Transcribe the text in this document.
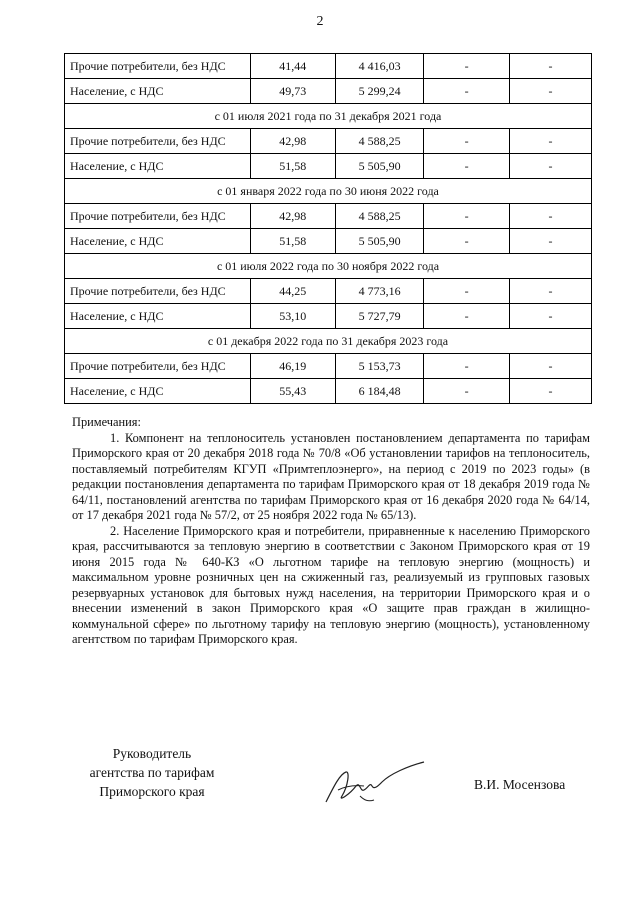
2
Прочие потребители, без НДС	41,44	4 416,03	-	-
Население, с НДС	49,73	5 299,24	-	-
с 01 июля 2021 года по 31 декабря 2021 года				
Прочие потребители, без НДС	42,98	4 588,25	-	-
Население, с НДС	51,58	5 505,90	-	-
с 01 января 2022 года по 30 июня 2022 года				
Прочие потребители, без НДС	42,98	4 588,25	-	-
Население, с НДС	51,58	5 505,90	-	-
с 01 июля 2022 года по 30 ноября 2022 года				
Прочие потребители, без НДС	44,25	4 773,16	-	-
Население, с НДС	53,10	5 727,79	-	-
с 01 декабря 2022 года по 31 декабря 2023 года				
Прочие потребители, без НДС	46,19	5 153,73	-	-
Население, с НДС	55,43	6 184,48	-	-

Примечания:

1. Компонент на теплоноситель установлен постановлением департамента по тарифам Приморского края от 20 декабря 2018 года № 70/8 «Об установлении тарифов на теплоноситель, поставляемый потребителям КГУП «Примтеплоэнерго», на период с 2019 по 2023 годы» (в редакции постановления департамента по тарифам Приморского края от 18 декабря 2019 года № 64/11, постановлений агентства по тарифам Приморского края от 16 декабря 2020 года № 64/14, от 17 декабря 2021 года № 57/2, от 25 ноября 2022 года № 65/13).

2. Население Приморского края и потребители, приравненные к населению Приморского края, рассчитываются за тепловую энергию в соответствии с Законом Приморского края от 19 июня 2015 года № 640-КЗ «О льготном тарифе на тепловую энергию (мощность) и максимальном уровне розничных цен на сжиженный газ, реализуемый из групповых газовых резервуарных установок для бытовых нужд населения, на территории Приморского края и о внесении изменений в закон Приморского края «О защите прав граждан в жилищно-коммунальной сфере» по льготному тарифу на тепловую энергию (мощность), установленному агентством по тарифам Приморского края.

Руководитель
агентства по тарифам
Приморского края	В.И. Мосензова
